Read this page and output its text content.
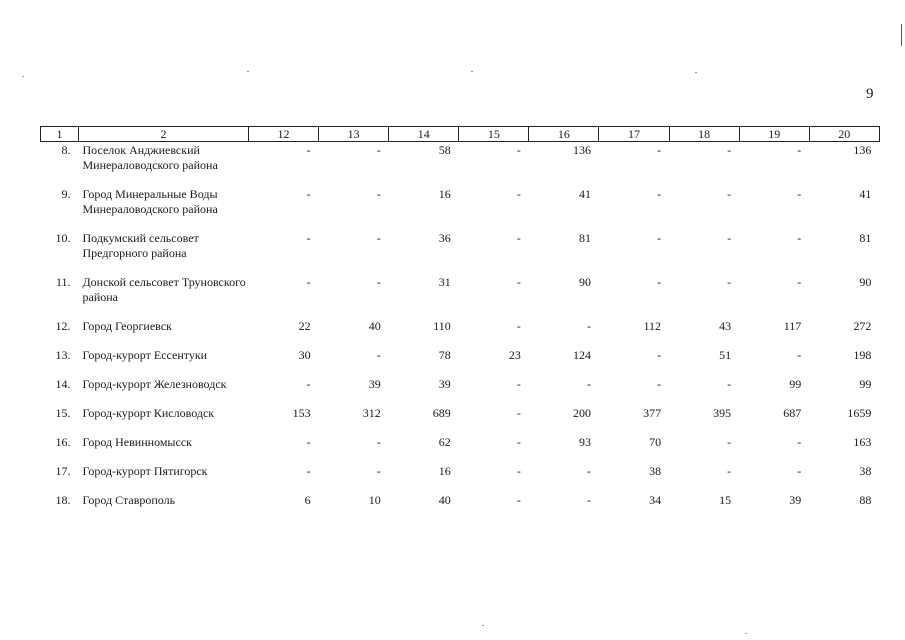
9
1	2	12	13	14	15	16	17	18	19	20
8.	Поселок Анджиевский Минераловодского района	-	-	58	-	136	-	-	-	136
9.	Город Минеральные Воды Минераловодского района	-	-	16	-	41	-	-	-	41
10.	Подкумский сельсовет Предгорного района	-	-	36	-	81	-	-	-	81
11.	Донской сельсовет Труновского района	-	-	31	-	90	-	-	-	90
12.	Город Георгиевск	22	40	110	-	-	112	43	117	272
13.	Город-курорт Ессентуки	30	-	78	23	124	-	51	-	198
14.	Город-курорт Железноводск	-	39	39	-	-	-	-	99	99
15.	Город-курорт Кисловодск	153	312	689	-	200	377	395	687	1659
16.	Город Невинномысск	-	-	62	-	93	70	-	-	163
17.	Город-курорт Пятигорск	-	-	16	-	-	38	-	-	38
18.	Город Ставрополь	6	10	40	-	-	34	15	39	88
